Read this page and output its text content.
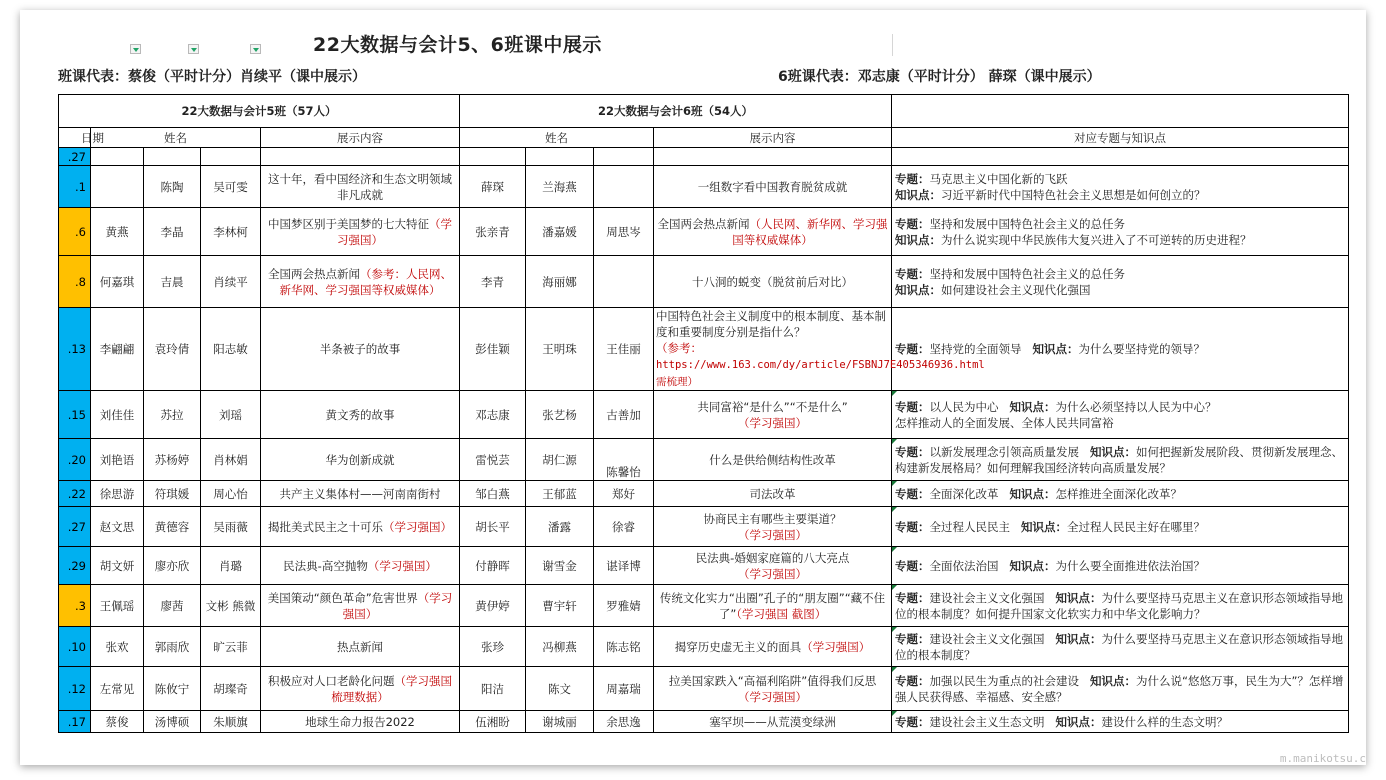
22大数据与会计5、6班课中展示
班课代表：蔡俊（平时计分）肖续平（课中展示）	6班课代表：邓志康（平时计分） 薛琛（课中展示）
22大数据与会计5班（57人）					22大数据与会计6班（54人）				
日期	姓名			展示内容	姓名			展示内容	对应专题与知识点
.27									
.1		陈陶	吴可雯	这十年，看中国经济和生态文明领域非凡成就	薛琛	兰海燕		一组数字看中国教育脱贫成就	专题：马克思主义中国化新的飞跃
知识点：习近平新时代中国特色社会主义思想是如何创立的？
.6	黄燕	李晶	李林柯	中国梦区别于美国梦的七大特征（学习强国）	张亲青	潘嘉媛	周思岑	全国两会热点新闻（人民网、新华网、学习强国等权威媒体）	专题：坚持和发展中国特色社会主义的总任务
知识点：为什么说实现中华民族伟大复兴进入了不可逆转的历史进程？
.8	何嘉琪	吉晨	肖续平	全国两会热点新闻（参考：人民网、新华网、学习强国等权威媒体）	李青	海丽娜		十八洞的蜕变（脱贫前后对比）	专题：坚持和发展中国特色社会主义的总任务
知识点：如何建设社会主义现代化强国
.13	李翩翩	袁玲倩	阳志敏	半条被子的故事	彭佳颖	王明珠	王佳丽	中国特色社会主义制度中的根本制度、基本制度和重要制度分别是指什么？
（参考：
https://www.163.com/dy/article/FSBNJ7E405346936.html需梳理）	专题：坚持党的全面领导 知识点：为什么要坚持党的领导？
.15	刘佳佳	苏拉	刘瑶	黄文秀的故事	邓志康	张艺杨	古善加	共同富裕“是什么”“不是什么”
（学习强国）	专题：以人民为中心 知识点：为什么必须坚持以人民为中心？
怎样推动人的全面发展、全体人民共同富裕

.20	刘艳语	苏杨婷	肖林娟	华为创新成就	雷悦芸	胡仁源	陈馨怡	什么是供给侧结构性改革	专题：以新发展理念引领高质量发展 知识点：如何把握新发展阶段、贯彻新发展理念、构建新发展格局？如何理解我国经济转向高质量发展？
.22	徐思游	符琪媛	周心怡	共产主义集体村——河南南街村	邹白燕	王郁蓝	郑好	司法改革	专题：全面深化改革 知识点：怎样推进全面深化改革？
.27	赵文思	黄德容	吴雨薇	揭批美式民主之十可乐（学习强国）	胡长平	潘露	徐睿	协商民主有哪些主要渠道？
（学习强国）	专题：全过程人民民主 知识点：全过程人民民主好在哪里？
.29	胡文妍	廖亦欣	肖璐	民法典-高空抛物（学习强国）	付静晖	谢雪金	谌译博	民法典-婚姻家庭篇的八大亮点
（学习强国）	专题：全面依法治国 知识点：为什么要全面推进依法治国？
.3	王佩瑶	廖茜	文彬 熊微	美国策动“颜色革命”危害世界（学习强国）	黄伊婷	曹宇轩	罗雅婧	传统文化实力“出圈”孔子的“朋友圈”“藏不住了”（学习强国 截图）	专题：建设社会主义文化强国 知识点：为什么要坚持马克思主义在意识形态领域指导地位的根本制度？如何提升国家文化软实力和中华文化影响力？
.10	张欢	郭雨欣	旷云菲	热点新闻	张珍	冯柳燕	陈志铭	揭穿历史虚无主义的面具（学习强国）	专题：建设社会主义文化强国 知识点：为什么要坚持马克思主义在意识形态领域指导地位的根本制度？
.12	左常见	陈攸宁	胡璨奇	积极应对人口老龄化问题（学习强国 梳理数据）	阳洁	陈文	周嘉瑞	拉美国家跌入“高福利陷阱”值得我们反思
（学习强国）	专题：加强以民生为重点的社会建设 知识点：为什么说“悠悠万事，民生为大”？怎样增强人民获得感、幸福感、安全感？
.17	蔡俊	汤博硕	朱顺旗	地球生命力报告2022	伍湘盼	谢城丽	余思逸	塞罕坝——从荒漠变绿洲	专题：建设社会主义生态文明 知识点：建设什么样的生态文明？
m.manikotsu.c
